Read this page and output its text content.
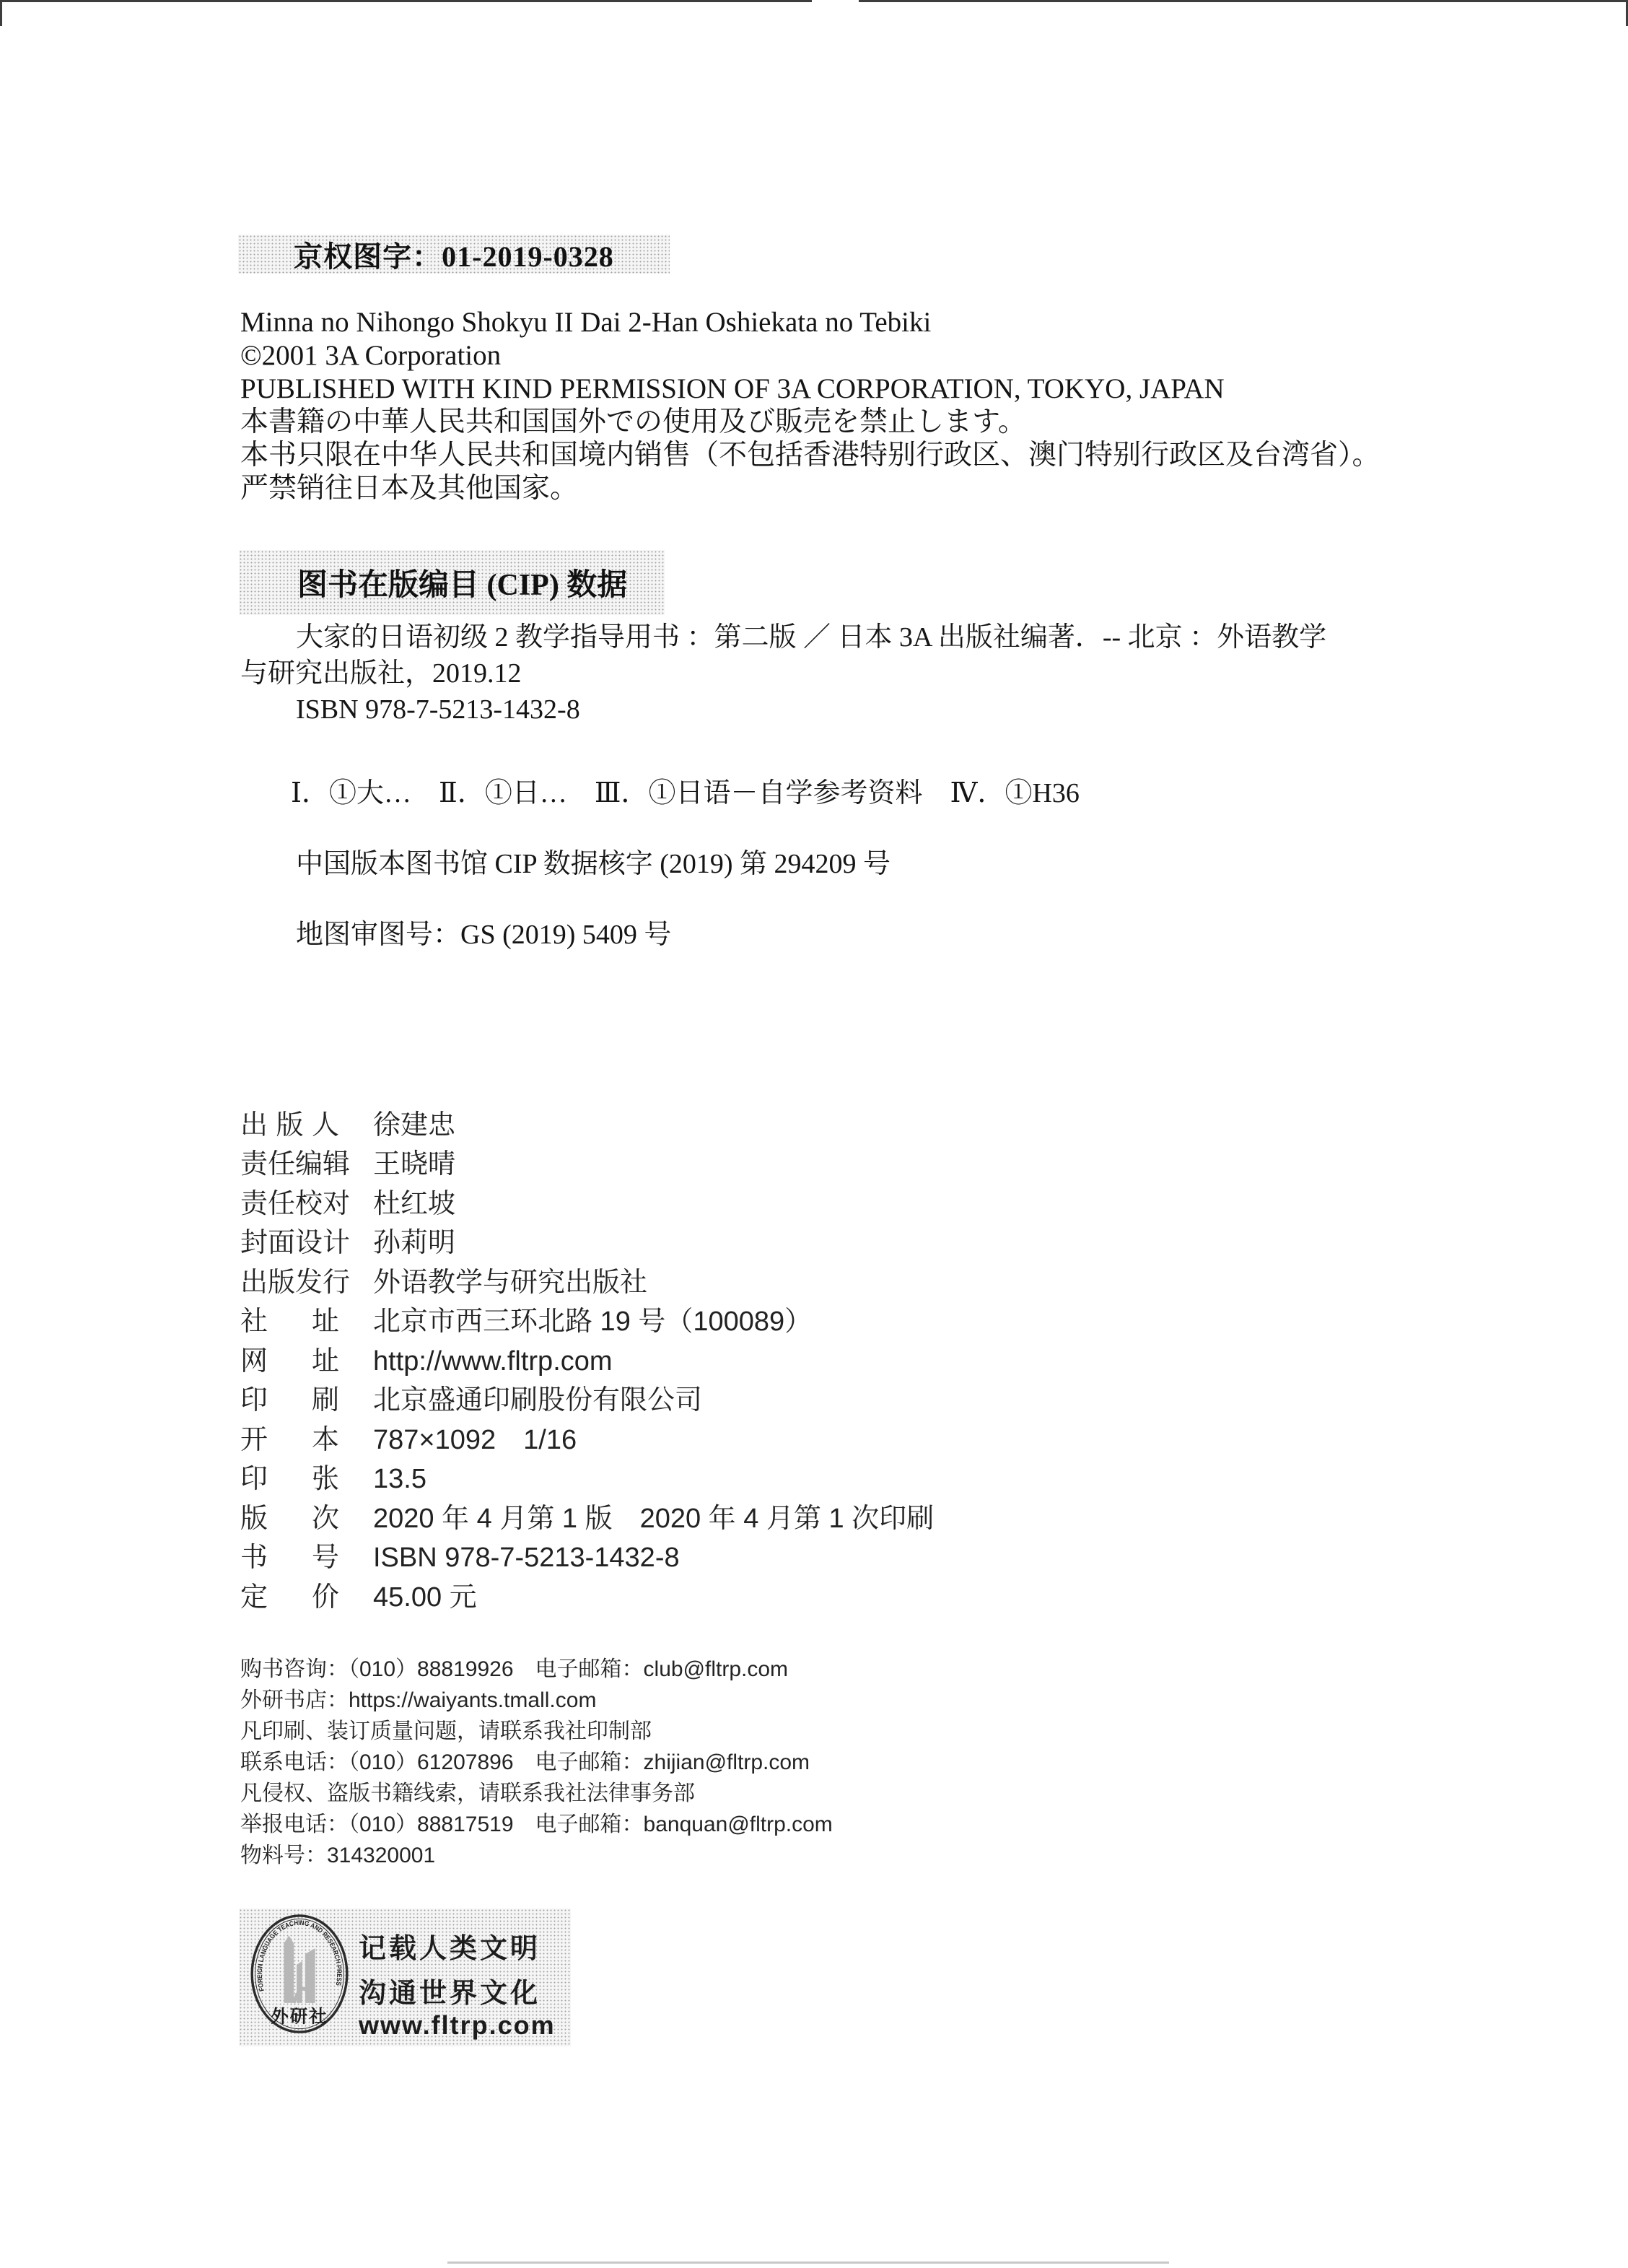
京权图字：01-2019-0328
Minna no Nihongo Shokyu II Dai 2-Han Oshiekata no Tebiki
©2001 3A Corporation
PUBLISHED WITH KIND PERMISSION OF 3A CORPORATION, TOKYO, JAPAN
本書籍の中華人民共和国国外での使用及び販売を禁止します。
本书只限在中华人民共和国境内销售（不包括香港特别行政区、澳门特别行政区及台湾省）。
严禁销往日本及其他国家。
图书在版编目 (CIP) 数据
大家的日语初级 2 教学指导用书 ：第二版 ／ 日本 3A 出版社编著．-- 北京 ：外语教学
与研究出版社，2019.12
ISBN 978-7-5213-1432-8
Ⅰ．①大…　Ⅱ．①日…　Ⅲ．①日语－自学参考资料　Ⅳ．①H36
中国版本图书馆 CIP 数据核字 (2019) 第 294209 号
地图审图号：GS (2019) 5409 号
出版人 徐建忠
责任编辑 王晓晴
责任校对 杜红坡
封面设计 孙莉明
出版发行 外语教学与研究出版社
社址 北京市西三环北路 19 号（100089）
网址 http://www.fltrp.com
印刷 北京盛通印刷股份有限公司
开本 787×1092　1/16
印张 13.5
版次 2020 年 4 月第 1 版　2020 年 4 月第 1 次印刷
书号 ISBN 978-7-5213-1432-8
定价 45.00 元
购书咨询：（010）88819926　电子邮箱：club@fltrp.com
外研书店：https://waiyants.tmall.com
凡印刷、装订质量问题，请联系我社印制部
联系电话：（010）61207896　电子邮箱：zhijian@fltrp.com
凡侵权、盗版书籍线索，请联系我社法律事务部
举报电话：（010）88817519　电子邮箱：banquan@fltrp.com
物料号：314320001
FOREIGN LANGUAGE TEACHING AND RESEARCH PRESS
外研社
记载人类文明
沟通世界文化
www.fltrp.com
